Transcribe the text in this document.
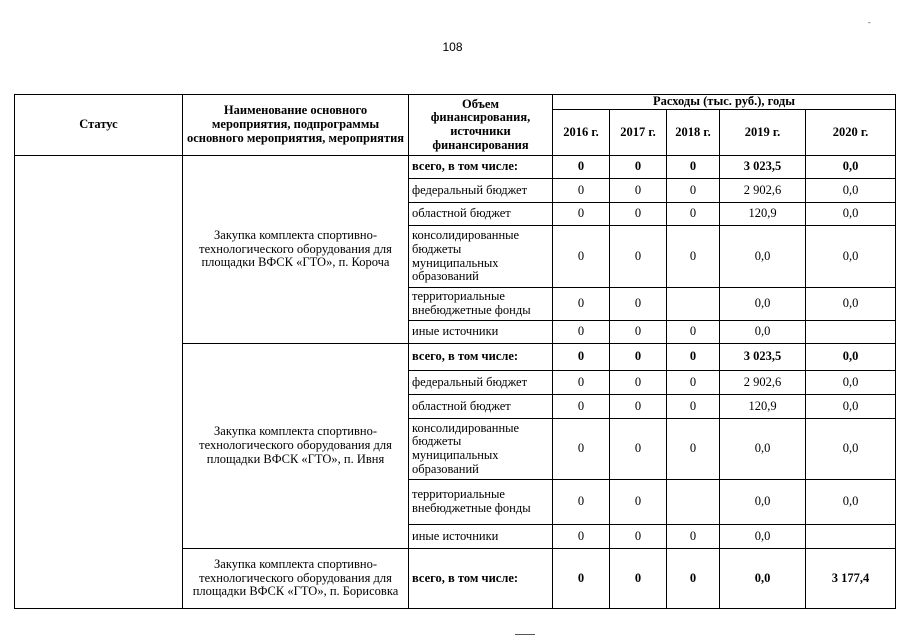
108
-
Статус	Наименование основного мероприятия, подпрограммы основного мероприятия, мероприятия	Объем финансирования, источники финансирования	Расходы (тыс. руб.), годы				
			2016 г.	2017 г.	2018 г.	2019 г.	2020 г.
	Закупка комплекта спортивно-технологического оборудования для площадки ВФСК «ГТО», п. Короча	всего, в том числе:	0	0	0	3 023,5	0,0
		федеральный бюджет	0	0	0	2 902,6	0,0
		областной бюджет	0	0	0	120,9	0,0
		консолидированные бюджеты муниципальных образований	0	0	0	0,0	0,0
		территориальные внебюджетные фонды	0	0		0,0	0,0
		иные источники	0	0	0	0,0	
	Закупка комплекта спортивно-технологического оборудования для площадки ВФСК «ГТО», п. Ивня	всего, в том числе:	0	0	0	3 023,5	0,0
		федеральный бюджет	0	0	0	2 902,6	0,0
		областной бюджет	0	0	0	120,9	0,0
		консолидированные бюджеты муниципальных образований	0	0	0	0,0	0,0
		территориальные внебюджетные фонды	0	0		0,0	0,0
		иные источники	0	0	0	0,0	
	Закупка комплекта спортивно-технологического оборудования для площадки ВФСК «ГТО», п. Борисовка	всего, в том числе:	0	0	0	0,0	3 177,4
